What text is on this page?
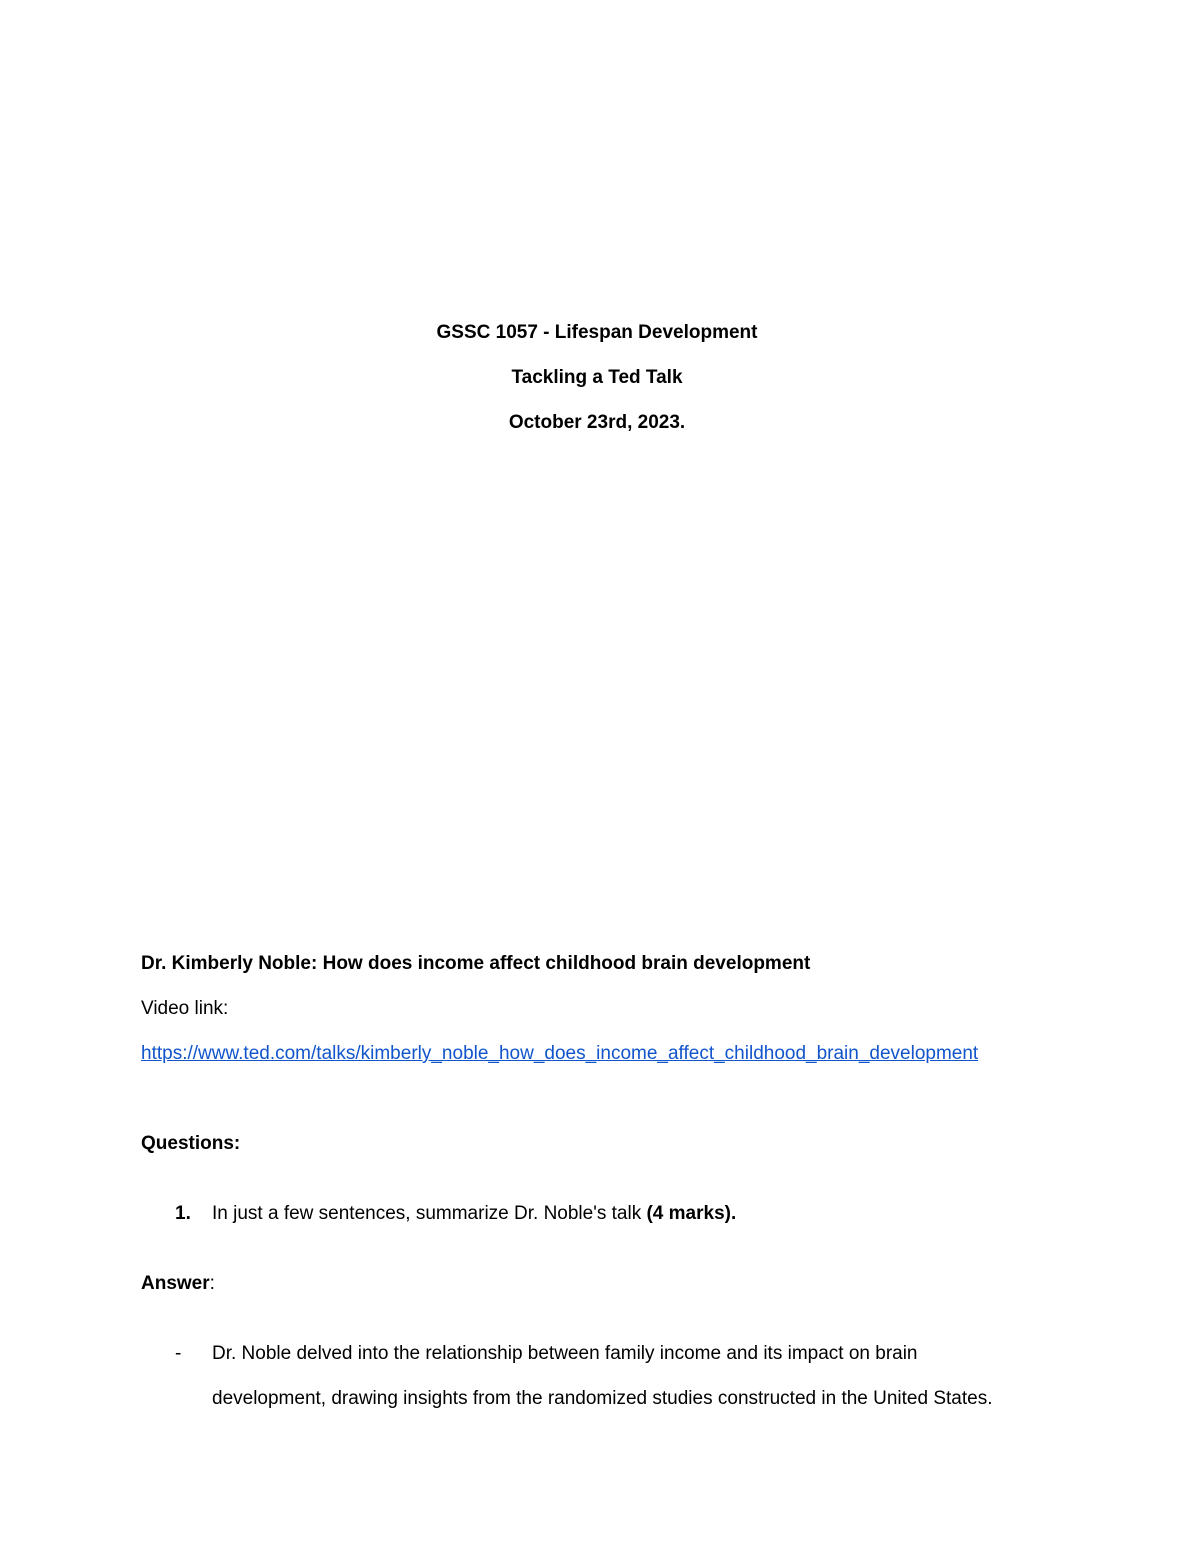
GSSC 1057 - Lifespan Development
Tackling a Ted Talk
October 23rd, 2023.
Dr. Kimberly Noble: How does income affect childhood brain development
Video link:
https://www.ted.com/talks/kimberly_noble_how_does_income_affect_childhood_brain_development
Questions:
1. In just a few sentences, summarize Dr. Noble's talk (4 marks).
Answer:
- Dr. Noble delved into the relationship between family income and its impact on brain
development, drawing insights from the randomized studies constructed in the United States.
